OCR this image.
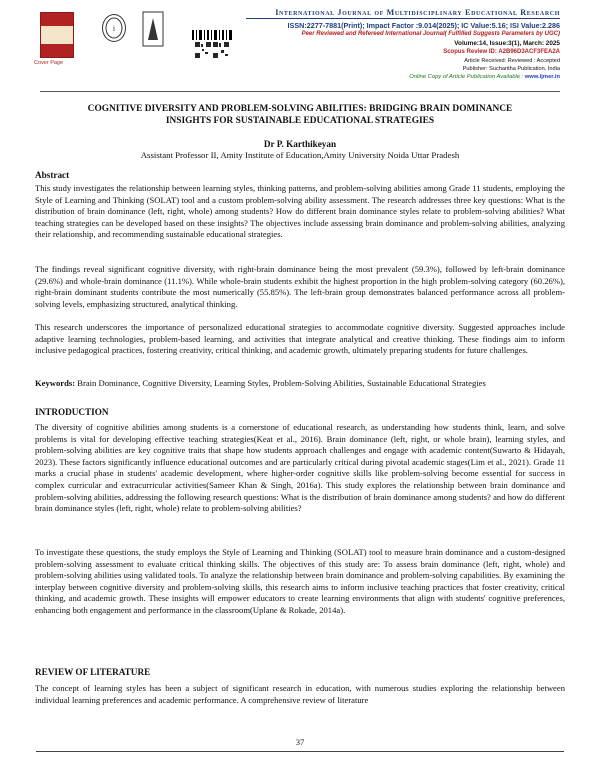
Cover Page
i
International Journal of Multidisciplinary Educational Research
ISSN:2277-7881(Print); Impact Factor :9.014(2025); IC Value:5.16; ISI Value:2.286
Peer Reviewed and Refereed International Journal( Fulfilled Suggests Parameters by UGC)
Volume:14, Issue:3(1), March: 2025
Scopus Review ID: A2B96D3ACF3FEA2A
Article Received: Reviewed : Accepted
Publisher: Sucharitha Publication, India
Online Copy of Article Publication Available : www.ijmer.in
COGNITIVE DIVERSITY AND PROBLEM-SOLVING ABILITIES: BRIDGING BRAIN DOMINANCE
INSIGHTS FOR SUSTAINABLE EDUCATIONAL STRATEGIES
Dr P. Karthikeyan
Assistant Professor II, Amity Institute of Education,Amity University Noida Uttar Pradesh
Abstract
This study investigates the relationship between learning styles, thinking patterns, and problem-solving abilities among Grade 11 students, employing the Style of Learning and Thinking (SOLAT) tool and a custom problem-solving ability assessment. The research addresses three key questions: What is the distribution of brain dominance (left, right, whole) among students? How do different brain dominance styles relate to problem-solving abilities? What teaching strategies can be developed based on these insights? The objectives include assessing brain dominance and problem-solving abilities, analyzing their relationship, and recommending sustainable educational strategies.
The findings reveal significant cognitive diversity, with right-brain dominance being the most prevalent (59.3%), followed by left-brain dominance (29.6%) and whole-brain dominance (11.1%). While whole-brain students exhibit the highest proportion in the high problem-solving category (60.26%), right-brain dominant students contribute the most numerically (55.85%). The left-brain group demonstrates balanced performance across all problem-solving levels, emphasizing structured, analytical thinking.
This research underscores the importance of personalized educational strategies to accommodate cognitive diversity. Suggested approaches include adaptive learning technologies, problem-based learning, and activities that integrate analytical and creative thinking. These findings aim to inform inclusive pedagogical practices, fostering creativity, critical thinking, and academic growth, ultimately preparing students for future challenges.
Keywords: Brain Dominance, Cognitive Diversity, Learning Styles, Problem-Solving Abilities, Sustainable Educational Strategies
INTRODUCTION
The diversity of cognitive abilities among students is a cornerstone of educational research, as understanding how students think, learn, and solve problems is vital for developing effective teaching strategies(Keat et al., 2016). Brain dominance (left, right, or whole brain), learning styles, and problem-solving abilities are key cognitive traits that shape how students approach challenges and engage with academic content(Suwarto & Hidayah, 2023). These factors significantly influence educational outcomes and are particularly critical during pivotal academic stages(Lim et al., 2021). Grade 11 marks a crucial phase in students' academic development, where higher-order cognitive skills like problem-solving become essential for success in complex curricular and extracurricular activities(Sameer Khan & Singh, 2016a). This study explores the relationship between brain dominance and problem-solving abilities, addressing the following research questions: What is the distribution of brain dominance among students? and how do different brain dominance styles (left, right, whole) relate to problem-solving abilities?
To investigate these questions, the study employs the Style of Learning and Thinking (SOLAT) tool to measure brain dominance and a custom-designed problem-solving assessment to evaluate critical thinking skills. The objectives of this study are: To assess brain dominance (left, right, whole) and problem-solving abilities using validated tools. To analyze the relationship between brain dominance and problem-solving capabilities. By examining the interplay between cognitive diversity and problem-solving skills, this research aims to inform inclusive teaching practices that foster creativity, critical thinking, and academic growth. These insights will empower educators to create learning environments that align with students' cognitive preferences, enhancing both engagement and performance in the classroom(Uplane & Rokade, 2014a).
REVIEW OF LITERATURE
The concept of learning styles has been a subject of significant research in education, with numerous studies exploring the relationship between individual learning preferences and academic performance. A comprehensive review of literature
37
